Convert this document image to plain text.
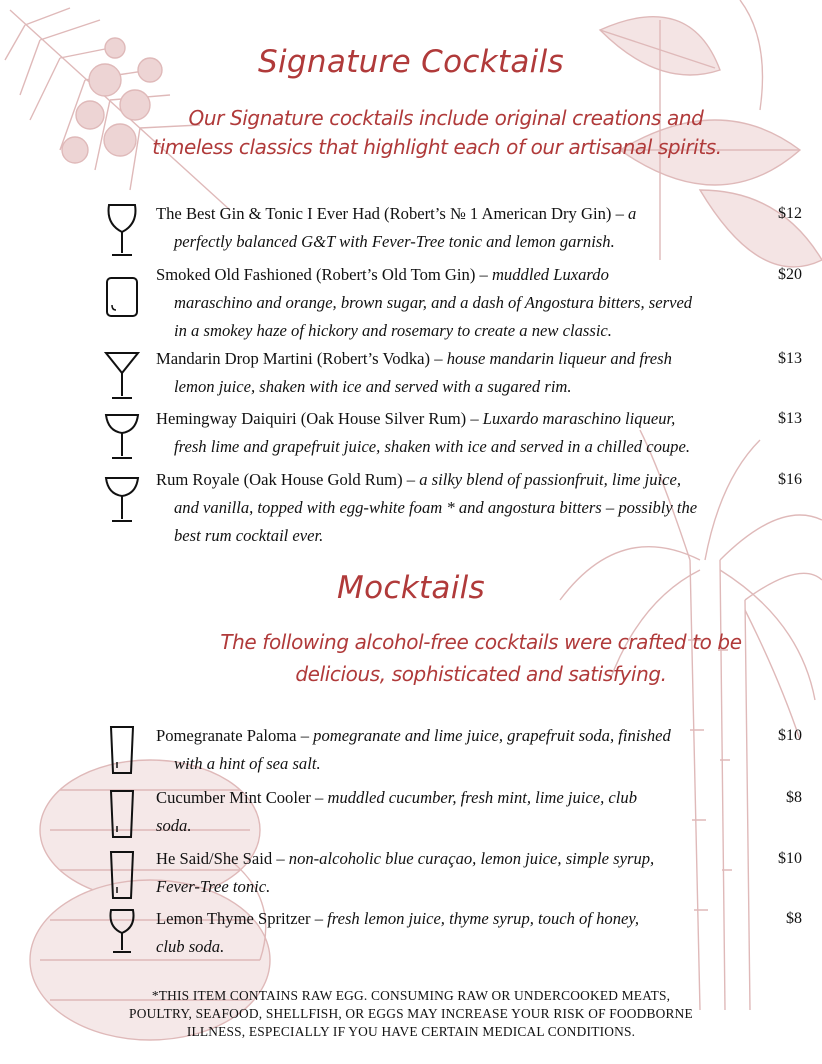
Signature Cocktails
Our Signature cocktails include original creations and
timeless classics that highlight each of our artisanal spirits.
The Best Gin & Tonic I Ever Had (Robert’s № 1 American Dry Gin) – a
perfectly balanced G&T with Fever-Tree tonic and lemon garnish.
$12
Smoked Old Fashioned (Robert’s Old Tom Gin) – muddled Luxardo
maraschino and orange, brown sugar, and a dash of Angostura bitters, served
in a smokey haze of hickory and rosemary to create a new classic.
$20
Mandarin Drop Martini (Robert’s Vodka) – house mandarin liqueur and fresh
lemon juice, shaken with ice and served with a sugared rim.
$13
Hemingway Daiquiri (Oak House Silver Rum) – Luxardo maraschino liqueur,
fresh lime and grapefruit juice, shaken with ice and served in a chilled coupe.
$13
Rum Royale (Oak House Gold Rum) – a silky blend of passionfruit, lime juice,
and vanilla, topped with egg-white foam * and angostura bitters – possibly the
best rum cocktail ever.
$16
Mocktails
The following alcohol-free cocktails were crafted to be
delicious, sophisticated and satisfying.
Pomegranate Paloma – pomegranate and lime juice, grapefruit soda, finished
with a hint of sea salt.
$10
Cucumber Mint Cooler – muddled cucumber, fresh mint, lime juice, club
soda.
$8
He Said/She Said – non-alcoholic blue curaçao, lemon juice, simple syrup,
Fever-Tree tonic.
$10
Lemon Thyme Spritzer – fresh lemon juice, thyme syrup, touch of honey,
club soda.
$8
*THIS ITEM CONTAINS RAW EGG. CONSUMING RAW OR UNDERCOOKED MEATS,
POULTRY, SEAFOOD, SHELLFISH, OR EGGS MAY INCREASE YOUR RISK OF FOODBORNE
ILLNESS, ESPECIALLY IF YOU HAVE CERTAIN MEDICAL CONDITIONS.
